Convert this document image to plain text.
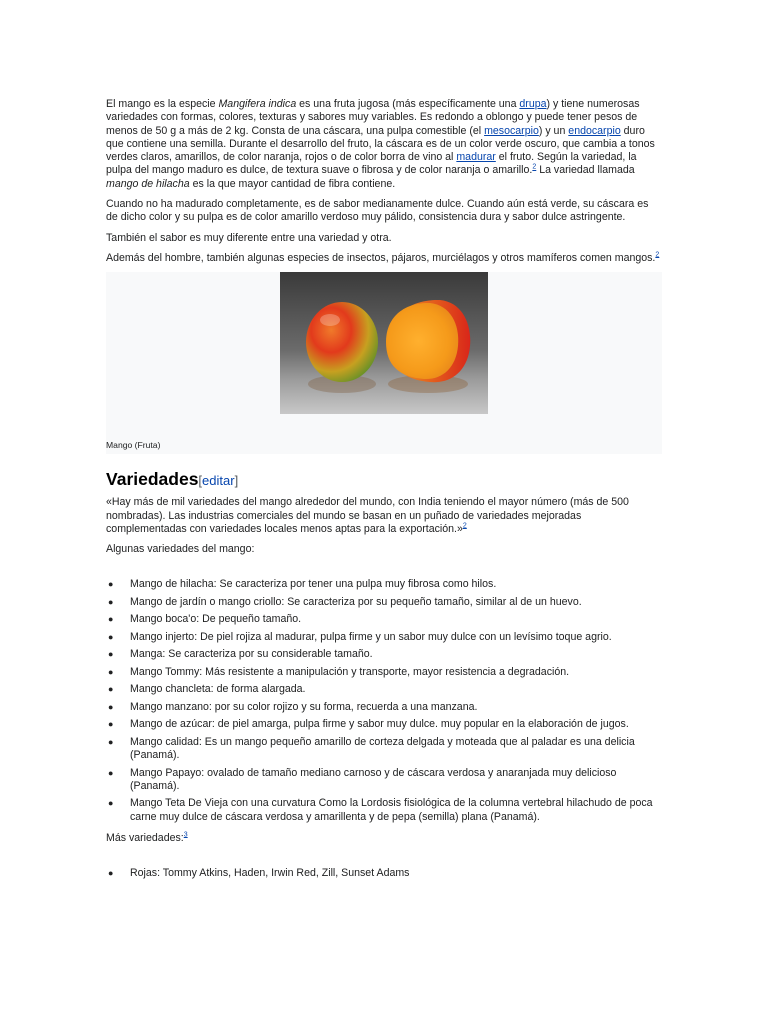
El mango es la especie Mangifera indica es una fruta jugosa (más específicamente una drupa) y tiene numerosas variedades con formas, colores, texturas y sabores muy variables. Es redondo a oblongo y puede tener pesos de menos de 50 g a más de 2 kg. Consta de una cáscara, una pulpa comestible (el mesocarpio) y un endocarpio duro que contiene una semilla. Durante el desarrollo del fruto, la cáscara es de un color verde oscuro, que cambia a tonos verdes claros, amarillos, de color naranja, rojos o de color borra de vino al madurar el fruto. Según la variedad, la pulpa del mango maduro es dulce, de textura suave o fibrosa y de color naranja o amarillo.$^2$ La variedad llamada mango de hilacha es la que mayor cantidad de fibra contiene.

Cuando no ha madurado completamente, es de sabor medianamente dulce. Cuando aún está verde, su cáscara es de dicho color y su pulpa es de color amarillo verdoso muy pálido, consistencia dura y sabor dulce astringente.

También el sabor es muy diferente entre una variedad y otra.

Además del hombre, también algunas especies de insectos, pájaros, murciélagos y otros mamíferos comen mangos.$^2$

Mango (Fruta)
Variedades[editar]

«Hay más de mil variedades del mango alrededor del mundo, con India teniendo el mayor número (más de 500 nombradas). Las industrias comerciales del mundo se basan en un puñado de variedades mejoradas complementadas con variedades locales menos aptas para la exportación.»$^2$

Algunas variedades del mango:

● Mango de hilacha: Se caracteriza por tener una pulpa muy fibrosa como hilos.
● Mango de jardín o mango criollo: Se caracteriza por su pequeño tamaño, similar al de un huevo.
● Mango boca'o: De pequeño tamaño.
● Mango injerto: De piel rojiza al madurar, pulpa firme y un sabor muy dulce con un levísimo toque agrio.
● Manga: Se caracteriza por su considerable tamaño.
● Mango Tommy: Más resistente a manipulación y transporte, mayor resistencia a degradación.
● Mango chancleta: de forma alargada.
● Mango manzano: por su color rojizo y su forma, recuerda a una manzana.
● Mango de azúcar: de piel amarga, pulpa firme y sabor muy dulce. muy popular en la elaboración de jugos.
● Mango calidad: Es un mango pequeño amarillo de corteza delgada y moteada que al paladar es una delicia (Panamá).
● Mango Papayo: ovalado de tamaño mediano carnoso y de cáscara verdosa y anaranjada muy delicioso (Panamá).
● Mango Teta De Vieja con una curvatura Como la Lordosis fisiológica de la columna vertebral hilachudo de poca carne muy dulce de cáscara verdosa y amarillenta y de pepa (semilla) plana (Panamá).

Más variedades:$^3$

● Rojas: Tommy Atkins, Haden, Irwin Red, Zill, Sunset Adams
